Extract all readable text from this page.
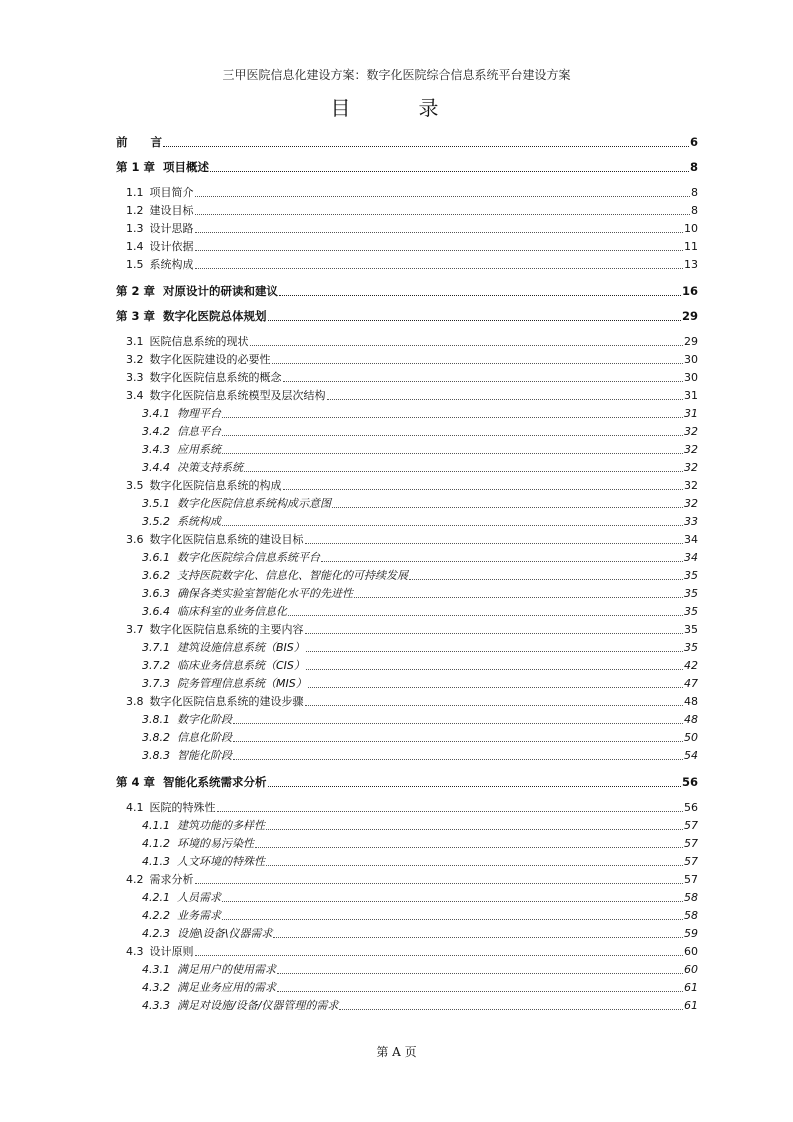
三甲医院信息化建设方案：数字化医院综合信息系统平台建设方案
目　录
前　　言	6
第 1 章 项目概述	8
1.1 项目简介	8
1.2 建设目标	8
1.3 设计思路	10
1.4 设计依据	11
1.5 系统构成	13
第 2 章 对原设计的研读和建议	16
第 3 章 数字化医院总体规划	29
3.1 医院信息系统的现状	29
3.2 数字化医院建设的必要性	30
3.3 数字化医院信息系统的概念	30
3.4 数字化医院信息系统模型及层次结构	31
3.4.1 物理平台	31
3.4.2 信息平台	32
3.4.3 应用系统	32
3.4.4 决策支持系统	32
3.5 数字化医院信息系统的构成	32
3.5.1 数字化医院信息系统构成示意图	32
3.5.2 系统构成	33
3.6 数字化医院信息系统的建设目标	34
3.6.1 数字化医院综合信息系统平台	34
3.6.2 支持医院数字化、信息化、智能化的可持续发展	35
3.6.3 确保各类实验室智能化水平的先进性	35
3.6.4 临床科室的业务信息化	35
3.7 数字化医院信息系统的主要内容	35
3.7.1 建筑设施信息系统（BIS）	35
3.7.2 临床业务信息系统（CIS）	42
3.7.3 院务管理信息系统（MIS）	47
3.8 数字化医院信息系统的建设步骤	48
3.8.1 数字化阶段	48
3.8.2 信息化阶段	50
3.8.3 智能化阶段	54
第 4 章 智能化系统需求分析	56
4.1 医院的特殊性	56
4.1.1 建筑功能的多样性	57
4.1.2 环境的易污染性	57
4.1.3 人文环境的特殊性	57
4.2 需求分析	57
4.2.1 人员需求	58
4.2.2 业务需求	58
4.2.3 设施\设备\仪器需求	59
4.3 设计原则	60
4.3.1 满足用户的使用需求	60
4.3.2 满足业务应用的需求	61
4.3.3 满足对设施/设备/仪器管理的需求	61
第 A 页
